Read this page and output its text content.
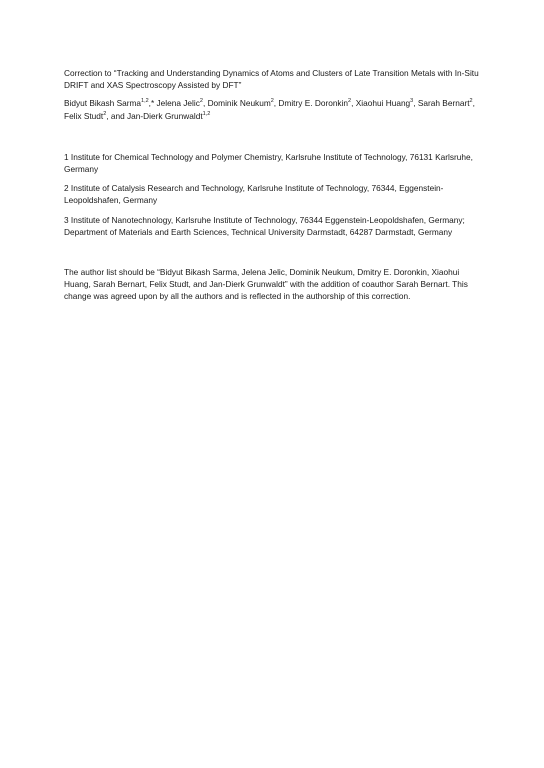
Correction to “Tracking and Understanding Dynamics of Atoms and Clusters of Late Transition Metals with In-Situ DRIFT and XAS Spectroscopy Assisted by DFT”

Bidyut Bikash Sarma$^{1,2}$,* Jelena Jelic$^2$, Dominik Neukum$^2$, Dmitry E. Doronkin$^2$, Xiaohui Huang$^3$, Sarah Bernart$^2$, Felix Studt$^2$, and Jan-Dierk Grunwaldt$^{1,2}$

1 Institute for Chemical Technology and Polymer Chemistry, Karlsruhe Institute of Technology, 76131 Karlsruhe, Germany

2 Institute of Catalysis Research and Technology, Karlsruhe Institute of Technology, 76344, Eggenstein-Leopoldshafen, Germany

3 Institute of Nanotechnology, Karlsruhe Institute of Technology, 76344 Eggenstein-Leopoldshafen, Germany; Department of Materials and Earth Sciences, Technical University Darmstadt, 64287 Darmstadt, Germany

The author list should be “Bidyut Bikash Sarma, Jelena Jelic, Dominik Neukum, Dmitry E. Doronkin, Xiaohui Huang, Sarah Bernart, Felix Studt, and Jan-Dierk Grunwaldt” with the addition of coauthor Sarah Bernart. This change was agreed upon by all the authors and is reflected in the authorship of this correction.
